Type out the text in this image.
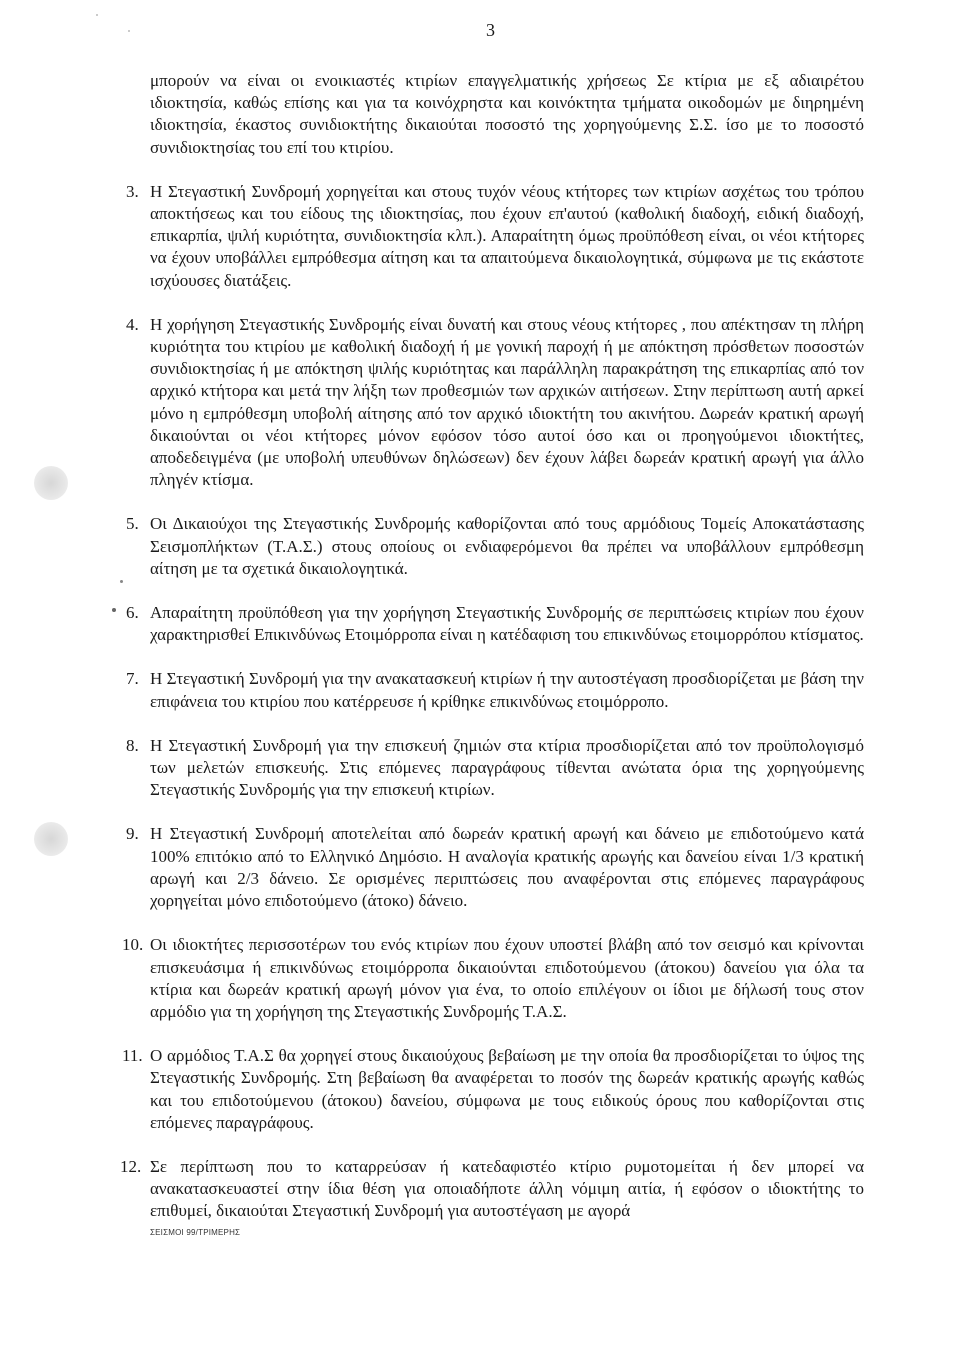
3

μπορούν να είναι οι ενοικιαστές κτιρίων επαγγελματικής χρήσεως Σε κτίρια με εξ αδιαιρέτου ιδιοκτησία, καθώς επίσης και για τα κοινόχρηστα και κοινόκτητα τμήματα οικοδομών με διηρημένη ιδιοκτησία, έκαστος συνιδιοκτήτης δικαιούται ποσοστό της χορηγούμενης Σ.Σ. ίσο με το ποσοστό συνιδιοκτησίας του επί του κτιρίου.

3. Η Στεγαστική Συνδρομή χορηγείται και στους τυχόν νέους κτήτορες των κτιρίων ασχέτως του τρόπου αποκτήσεως και του είδους της ιδιοκτησίας, που έχουν επ'αυτού (καθολική διαδοχή, ειδική διαδοχή, επικαρπία, ψιλή κυριότητα, συνιδιοκτησία κλπ.). Απαραίτητη όμως προϋπόθεση είναι, οι νέοι κτήτορες να έχουν υποβάλλει εμπρόθεσμα αίτηση και τα απαιτούμενα δικαιολογητικά, σύμφωνα με τις εκάστοτε ισχύουσες διατάξεις.
4. Η χορήγηση Στεγαστικής Συνδρομής είναι δυνατή και στους νέους κτήτορες , που απέκτησαν τη πλήρη κυριότητα του κτιρίου με καθολική διαδοχή ή με γονική παροχή ή με απόκτηση πρόσθετων ποσοστών συνιδιοκτησίας ή με απόκτηση ψιλής κυριότητας και παράλληλη παρακράτηση της επικαρπίας από τον αρχικό κτήτορα και μετά την λήξη των προθεσμιών των αρχικών αιτήσεων. Στην περίπτωση αυτή αρκεί μόνο η εμπρόθεσμη υποβολή αίτησης από τον αρχικό ιδιοκτήτη του ακινήτου. Δωρεάν κρατική αρωγή δικαιούνται οι νέοι κτήτορες μόνον εφόσον τόσο αυτοί όσο και οι προηγούμενοι ιδιοκτήτες, αποδεδειγμένα (με υποβολή υπευθύνων δηλώσεων) δεν έχουν λάβει δωρεάν κρατική αρωγή για άλλο πληγέν κτίσμα.
5. Οι Δικαιούχοι της Στεγαστικής Συνδρομής καθορίζονται από τους αρμόδιους Τομείς Αποκατάστασης Σεισμοπλήκτων (Τ.Α.Σ.) στους οποίους οι ενδιαφερόμενοι θα πρέπει να υποβάλλουν εμπρόθεσμη αίτηση με τα σχετικά δικαιολογητικά.
6. Απαραίτητη προϋπόθεση για την χορήγηση Στεγαστικής Συνδρομής σε περιπτώσεις κτιρίων που έχουν χαρακτηρισθεί Επικινδύνως Ετοιμόρροπα είναι η κατέδαφιση του επικινδύνως ετοιμορρόπου κτίσματος.
7. Η Στεγαστική Συνδρομή για την ανακατασκευή κτιρίων ή την αυτοστέγαση προσδιορίζεται με βάση την επιφάνεια του κτιρίου που κατέρρευσε ή κρίθηκε επικινδύνως ετοιμόρροπο.
8. Η Στεγαστική Συνδρομή για την επισκευή ζημιών στα κτίρια προσδιορίζεται από τον προϋπολογισμό των μελετών επισκευής. Στις επόμενες παραγράφους τίθενται ανώτατα όρια της χορηγούμενης Στεγαστικής Συνδρομής για την επισκευή κτιρίων.
9. Η Στεγαστική Συνδρομή αποτελείται από δωρεάν κρατική αρωγή και δάνειο με επιδοτούμενο κατά 100% επιτόκιο από το Ελληνικό Δημόσιο. Η αναλογία κρατικής αρωγής και δανείου είναι 1/3 κρατική αρωγή και 2/3 δάνειο. Σε ορισμένες περιπτώσεις που αναφέρονται στις επόμενες παραγράφους χορηγείται μόνο επιδοτούμενο (άτοκο) δάνειο.
10. Οι ιδιοκτήτες περισσοτέρων του ενός κτιρίων που έχουν υποστεί βλάβη από τον σεισμό και κρίνονται επισκευάσιμα ή επικινδύνως ετοιμόρροπα δικαιούνται επιδοτούμενου (άτοκου) δανείου για όλα τα κτίρια και δωρεάν κρατική αρωγή μόνον για ένα, το οποίο επιλέγουν οι ίδιοι με δήλωσή τους στον αρμόδιο για τη χορήγηση της Στεγαστικής Συνδρομής Τ.Α.Σ.
11. Ο αρμόδιος Τ.Α.Σ θα χορηγεί στους δικαιούχους βεβαίωση με την οποία θα προσδιορίζεται το ύψος της Στεγαστικής Συνδρομής. Στη βεβαίωση θα αναφέρεται το ποσόν της δωρεάν κρατικής αρωγής καθώς και του επιδοτούμενου (άτοκου) δανείου, σύμφωνα με τους ειδικούς όρους που καθορίζονται στις επόμενες παραγράφους.
12. Σε περίπτωση που το καταρρεύσαν ή κατεδαφιστέο κτίριο ρυμοτομείται ή δεν μπορεί να ανακατασκευαστεί στην ίδια θέση για οποιαδήποτε άλλη νόμιμη αιτία, ή εφόσον ο ιδιοκτήτης το επιθυμεί, δικαιούται Στεγαστική Συνδρομή για αυτοστέγαση με αγορά
ΣΕΙΣΜΟΙ 99/ΤΡΙΜΕΡΗΣ
